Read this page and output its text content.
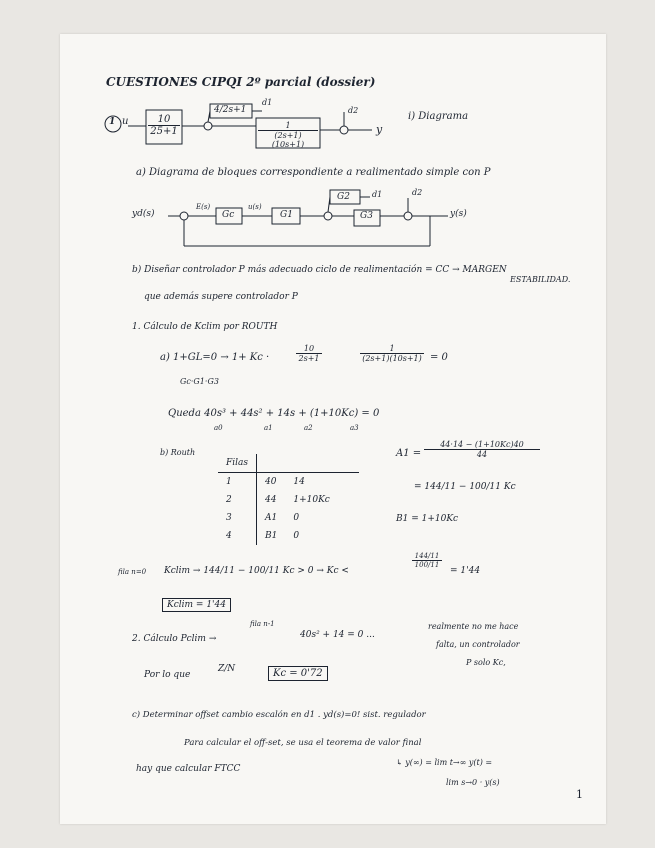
CUESTIONES CIPQI 2º parcial (dossier)
u
1	$\frac{10}{25+1}$
4/2s+1
d1
$\frac{1}{(2s+1)(10s+1)}$
d2
y
i) Diagrama
a) Diagrama de bloques correspondiente a realimentado simple con P
yd(s)
E(s)
Gc
u(s)
G1
G2	d1
G3
d2
y(s)
b) Diseñar controlador P más adecuado ciclo de realimentación = CC → MARGEN
ESTABILIDAD.
que además supere controlador P
1. Cálculo de Kclim por ROUTH
a) 1+GL=0 → 1+ Kc ·	$\frac{10}{2s+1}$	$\frac{1}{(2s+1)(10s+1)} = 0$
Gc·G1·G3
Queda 40s³ + 44s² + 14s + (1+10Kc) = 0
a0	a1	a2	a3
b) Routh
Filas		
1	40	14
2	44	1+10Kc
3	A1	0
4	B1	0
$A1 = \frac{44\cdot 14 - (1+10Kc)40}{44}$
= 144/11 − 100/11 Kc
B1 = 1+10Kc
fila n=0 Kclim → 144/11 − 100/11 Kc > 0 → Kc <
$\frac{144/11}{100/11}$
= 1'44
Kclim = 1'44
fila n-1
2. Cálculo Pclim →	40s² + 14 = 0 ...
realmente no me hace
falta, un controlador
P solo Kc,
Por lo que
Z/N	Kc = 0'72
c) Determinar offset cambio escalón en d1 . yd(s)=0! sist. regulador
Para calcular el off-set, se usa el teorema de valor final
hay que calcular FTCC
↳ y(∞) = lim t→∞ y(t) =
lim s→0 · y(s)
1
